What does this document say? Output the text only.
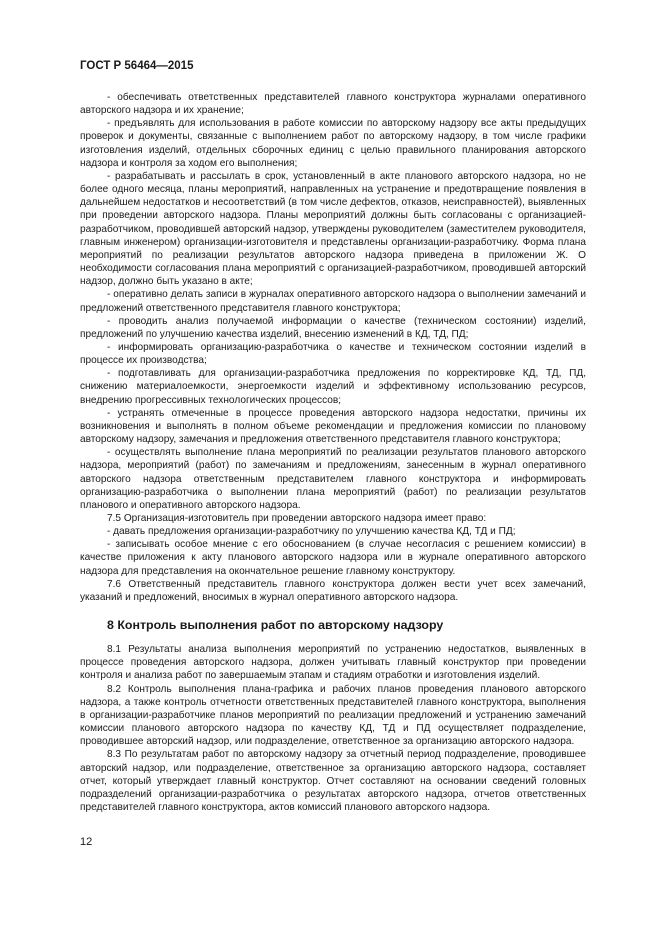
ГОСТ Р 56464—2015

- обеспечивать ответственных представителей главного конструктора журналами оперативного авторского надзора и их хранение;

- предъявлять для использования в работе комиссии по авторскому надзору все акты предыдущих проверок и документы, связанные с выполнением работ по авторскому надзору, в том числе графики изготовления изделий, отдельных сборочных единиц с целью правильного планирования авторского надзора и контроля за ходом его выполнения;

- разрабатывать и рассылать в срок, установленный в акте планового авторского надзора, но не более одного месяца, планы мероприятий, направленных на устранение и предотвращение появления в дальнейшем недостатков и несоответствий (в том числе дефектов, отказов, неисправностей), выявленных при проведении авторского надзора. Планы мероприятий должны быть согласованы с организацией-разработчиком, проводившей авторский надзор, утверждены руководителем (заместителем руководителя, главным инженером) организации-изготовителя и представлены организации-разработчику. Форма плана мероприятий по реализации результатов авторского надзора приведена в приложении Ж. О необходимости согласования плана мероприятий с организацией-разработчиком, проводившей авторский надзор, должно быть указано в акте;

- оперативно делать записи в журналах оперативного авторского надзора о выполнении замечаний и предложений ответственного представителя главного конструктора;

- проводить анализ получаемой информации о качестве (техническом состоянии) изделий, предложений по улучшению качества изделий, внесению изменений в КД, ТД, ПД;

- информировать организацию-разработчика о качестве и техническом состоянии изделий в процессе их производства;

- подготавливать для организации-разработчика предложения по корректировке КД, ТД, ПД, снижению материалоемкости, энергоемкости изделий и эффективному использованию ресурсов, внедрению прогрессивных технологических процессов;

- устранять отмеченные в процессе проведения авторского надзора недостатки, причины их возникновения и выполнять в полном объеме рекомендации и предложения комиссии по плановому авторскому надзору, замечания и предложения ответственного представителя главного конструктора;

- осуществлять выполнение плана мероприятий по реализации результатов планового авторского надзора, мероприятий (работ) по замечаниям и предложениям, занесенным в журнал оперативного авторского надзора ответственным представителем главного конструктора и информировать организацию-разработчика о выполнении плана мероприятий (работ) по реализации результатов планового и оперативного авторского надзора.

7.5 Организация-изготовитель при проведении авторского надзора имеет право:

- давать предложения организации-разработчику по улучшению качества КД, ТД и ПД;

- записывать особое мнение с его обоснованием (в случае несогласия с решением комиссии) в качестве приложения к акту планового авторского надзора или в журнале оперативного авторского надзора для представления на окончательное решение главному конструктору.

7.6 Ответственный представитель главного конструктора должен вести учет всех замечаний, указаний и предложений, вносимых в журнал оперативного авторского надзора.

8 Контроль выполнения работ по авторскому надзору

8.1 Результаты анализа выполнения мероприятий по устранению недостатков, выявленных в процессе проведения авторского надзора, должен учитывать главный конструктор при проведении контроля и анализа работ по завершаемым этапам и стадиям отработки и изготовления изделий.

8.2 Контроль выполнения плана-графика и рабочих планов проведения планового авторского надзора, а также контроль отчетности ответственных представителей главного конструктора, выполнения в организации-разработчике планов мероприятий по реализации предложений и устранению замечаний комиссии планового авторского надзора по качеству КД, ТД и ПД осуществляет подразделение, проводившее авторский надзор, или подразделение, ответственное за организацию авторского надзора.

8.3 По результатам работ по авторскому надзору за отчетный период подразделение, проводившее авторский надзор, или подразделение, ответственное за организацию авторского надзора, составляет отчет, который утверждает главный конструктор. Отчет составляют на основании сведений головных подразделений организации-разработчика о результатах авторского надзора, отчетов ответственных представителей главного конструктора, актов комиссий планового авторского надзора.

12
